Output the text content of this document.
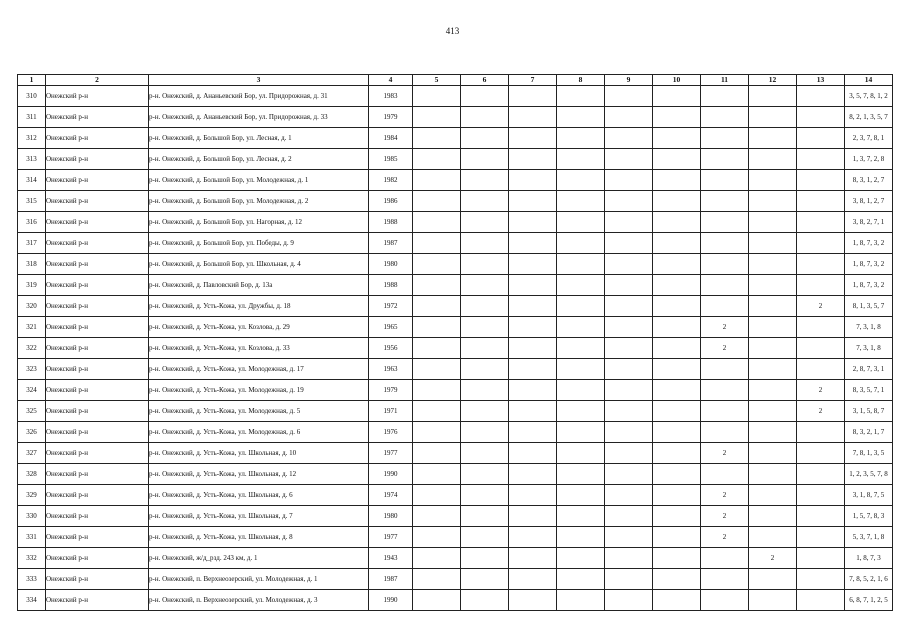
413
1	2	3	4	5	6	7	8	9	10	11	12	13	14
310	Онежский р-н	р-н. Онежский, д. Ананьевский Бор, ул. Придорожная, д. 31	1983										3, 5, 7, 8, 1, 2
311	Онежский р-н	р-н. Онежский, д. Ананьевский Бор, ул. Придорожная, д. 33	1979										8, 2, 1, 3, 5, 7
312	Онежский р-н	р-н. Онежский, д. Большой Бор, ул. Лесная, д. 1	1984										2, 3, 7, 8, 1
313	Онежский р-н	р-н. Онежский, д. Большой Бор, ул. Лесная, д. 2	1985										1, 3, 7, 2, 8
314	Онежский р-н	р-н. Онежский, д. Большой Бор, ул. Молодежная, д. 1	1982										8, 3, 1, 2, 7
315	Онежский р-н	р-н. Онежский, д. Большой Бор, ул. Молодежная, д. 2	1986										3, 8, 1, 2, 7
316	Онежский р-н	р-н. Онежский, д. Большой Бор, ул. Нагорная, д. 12	1988										3, 8, 2, 7, 1
317	Онежский р-н	р-н. Онежский, д. Большой Бор, ул. Победы, д. 9	1987										1, 8, 7, 3, 2
318	Онежский р-н	р-н. Онежский, д. Большой Бор, ул. Школьная, д. 4	1980										1, 8, 7, 3, 2
319	Онежский р-н	р-н. Онежский, д. Павловский Бор, д. 13а	1988										1, 8, 7, 3, 2
320	Онежский р-н	р-н. Онежский, д. Усть-Кожа, ул. Дружбы, д. 18	1972									2	8, 1, 3, 5, 7
321	Онежский р-н	р-н. Онежский, д. Усть-Кожа, ул. Козлова, д. 29	1965							2			7, 3, 1, 8
322	Онежский р-н	р-н. Онежский, д. Усть-Кожа, ул. Козлова, д. 33	1956							2			7, 3, 1, 8
323	Онежский р-н	р-н. Онежский, д. Усть-Кожа, ул. Молодежная, д. 17	1963										2, 8, 7, 3, 1
324	Онежский р-н	р-н. Онежский, д. Усть-Кожа, ул. Молодежная, д. 19	1979									2	8, 3, 5, 7, 1
325	Онежский р-н	р-н. Онежский, д. Усть-Кожа, ул. Молодежная, д. 5	1971									2	3, 1, 5, 8, 7
326	Онежский р-н	р-н. Онежский, д. Усть-Кожа, ул. Молодежная, д. 6	1976										8, 3, 2, 1, 7
327	Онежский р-н	р-н. Онежский, д. Усть-Кожа, ул. Школьная, д. 10	1977							2			7, 8, 1, 3, 5
328	Онежский р-н	р-н. Онежский, д. Усть-Кожа, ул. Школьная, д. 12	1990										1, 2, 3, 5, 7, 8
329	Онежский р-н	р-н. Онежский, д. Усть-Кожа, ул. Школьная, д. 6	1974							2			3, 1, 8, 7, 5
330	Онежский р-н	р-н. Онежский, д. Усть-Кожа, ул. Школьная, д. 7	1980							2			1, 5, 7, 8, 3
331	Онежский р-н	р-н. Онежский, д. Усть-Кожа, ул. Школьная, д. 8	1977							2			5, 3, 7, 1, 8
332	Онежский р-н	р-н. Онежский, ж/д_рзд. 243 км, д. 1	1943								2		1, 8, 7, 3
333	Онежский р-н	р-н. Онежский, п. Верхнеозерский, ул. Молодежная, д. 1	1987										7, 8, 5, 2, 1, 6
334	Онежский р-н	р-н. Онежский, п. Верхнеозерский, ул. Молодежная, д. 3	1990										6, 8, 7, 1, 2, 5
